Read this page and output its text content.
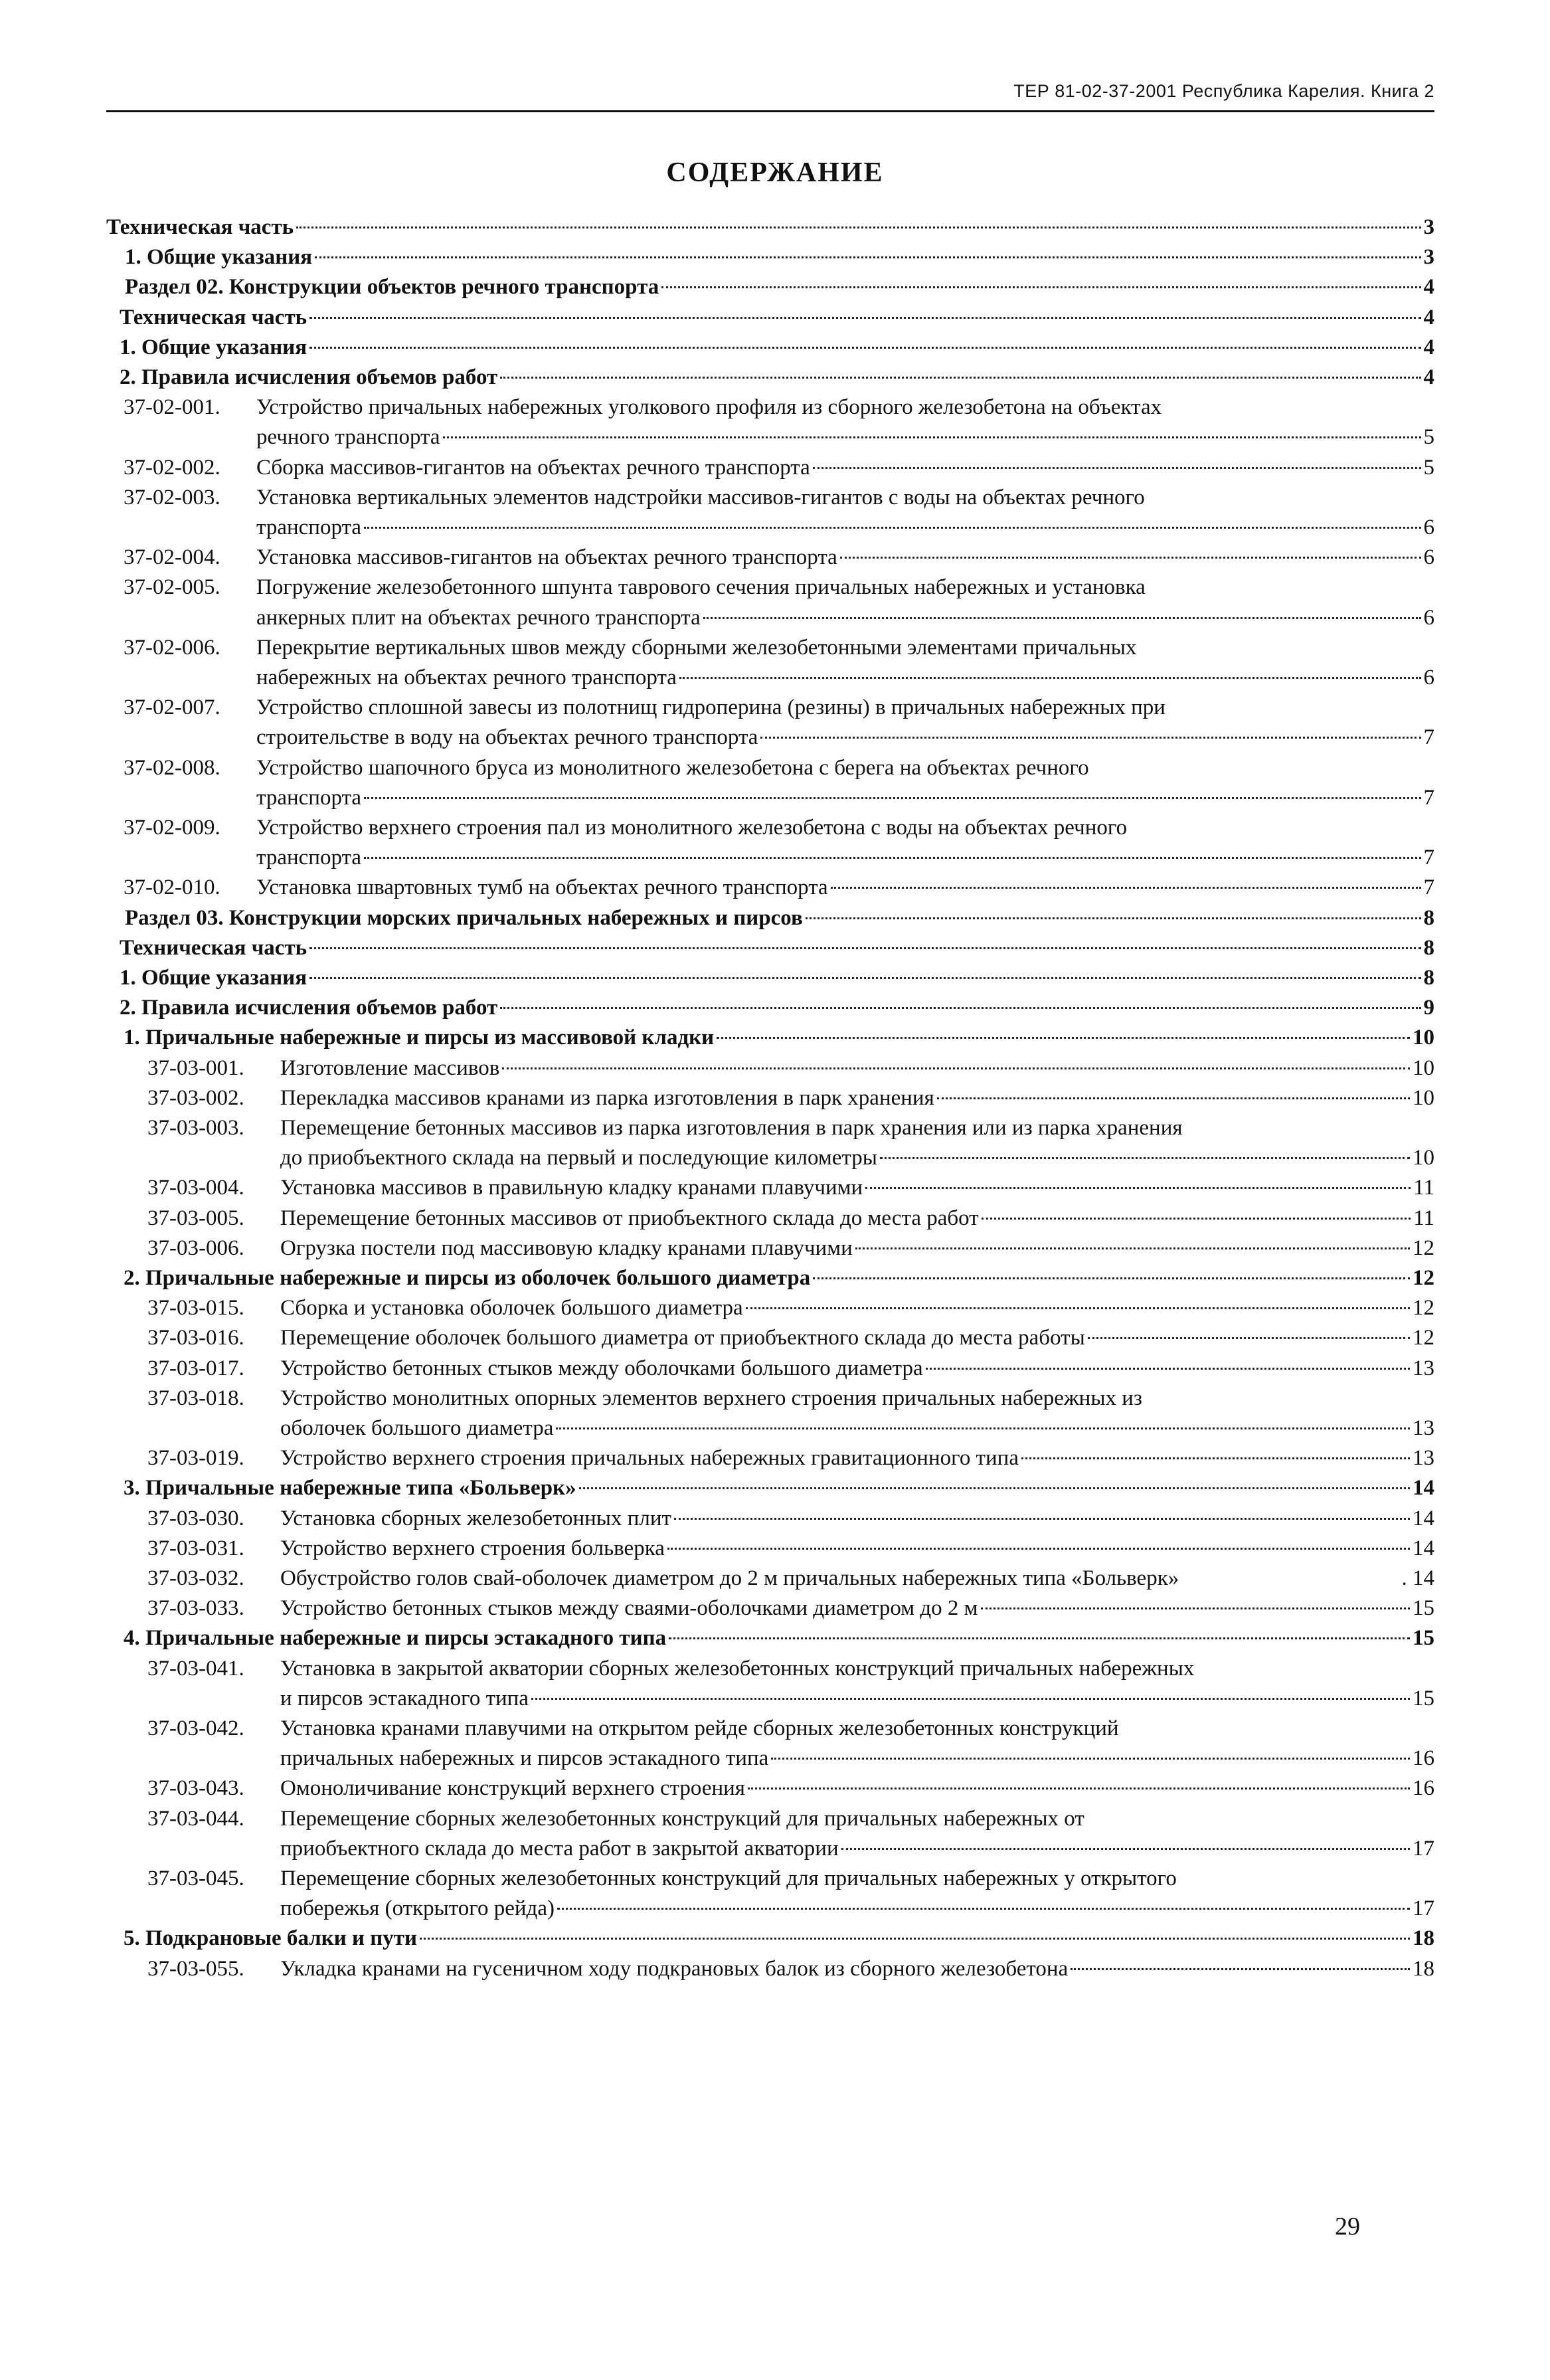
ТЕР 81-02-37-2001 Республика Карелия. Книга 2
СОДЕРЖАНИЕ
Техническая часть	3
1. Общие указания	3
Раздел 02. Конструкции объектов речного транспорта	4
Техническая часть	4
1. Общие указания	4
2. Правила исчисления объемов работ	4
37-02-001.	Устройство причальных набережных уголкового профиля из сборного железобетона на объектах
речного транспорта	5
37-02-002.	Сборка массивов-гигантов на объектах речного транспорта	5
37-02-003.	Установка вертикальных элементов надстройки массивов-гигантов с воды на объектах речного
транспорта	6
37-02-004.	Установка массивов-гигантов на объектах речного транспорта	6
37-02-005.	Погружение железобетонного шпунта таврового сечения причальных набережных и установка
анкерных плит на объектах речного транспорта	6
37-02-006.	Перекрытие вертикальных швов между сборными железобетонными элементами причальных
набережных на объектах речного транспорта	6
37-02-007.	Устройство сплошной завесы из полотнищ гидроперина (резины) в причальных набережных при
строительстве в воду на объектах речного транспорта	7
37-02-008.	Устройство шапочного бруса из монолитного железобетона с берега на объектах речного
транспорта	7
37-02-009.	Устройство верхнего строения пал из монолитного железобетона с воды на объектах речного
транспорта	7
37-02-010.	Установка швартовных тумб на объектах речного транспорта	7
Раздел 03. Конструкции морских причальных набережных и пирсов	8
Техническая часть	8
1. Общие указания	8
2. Правила исчисления объемов работ	9
1. Причальные набережные и пирсы из массивовой кладки	10
37-03-001.	Изготовление массивов	10
37-03-002.	Перекладка массивов кранами из парка изготовления в парк хранения	10
37-03-003.	Перемещение бетонных массивов из парка изготовления в парк хранения или из парка хранения
до приобъектного склада на первый и последующие километры	10
37-03-004.	Установка массивов в правильную кладку кранами плавучими	11
37-03-005.	Перемещение бетонных массивов от приобъектного склада до места работ	11
37-03-006.	Огрузка постели под массивовую кладку кранами плавучими	12
2. Причальные набережные и пирсы из оболочек большого диаметра	12
37-03-015.	Сборка и установка оболочек большого диаметра	12
37-03-016.	Перемещение оболочек большого диаметра от приобъектного склада до места работы	12
37-03-017.	Устройство бетонных стыков между оболочками большого диаметра	13
37-03-018.	Устройство монолитных опорных элементов верхнего строения причальных набережных из
оболочек большого диаметра	13
37-03-019.	Устройство верхнего строения причальных набережных гравитационного типа	13
3. Причальные набережные типа «Больверк»	14
37-03-030.	Установка сборных железобетонных плит	14
37-03-031.	Устройство верхнего строения больверка	14
37-03-032.	Обустройство голов свай-оболочек диаметром до 2 м причальных набережных типа «Больверк»	. 14
37-03-033.	Устройство бетонных стыков между сваями-оболочками диаметром до 2 м	15
4. Причальные набережные и пирсы эстакадного типа	15
37-03-041.	Установка в закрытой акватории сборных железобетонных конструкций причальных набережных
и пирсов эстакадного типа	15
37-03-042.	Установка кранами плавучими на открытом рейде сборных железобетонных конструкций
причальных набережных и пирсов эстакадного типа	16
37-03-043.	Омоноличивание конструкций верхнего строения	16
37-03-044.	Перемещение сборных железобетонных конструкций для причальных набережных от
приобъектного склада до места работ в закрытой акватории	17
37-03-045.	Перемещение сборных железобетонных конструкций для причальных набережных у открытого
побережья (открытого рейда)	17
5. Подкрановые балки и пути	18
37-03-055.	Укладка кранами на гусеничном ходу подкрановых балок из сборного железобетона	18
29
